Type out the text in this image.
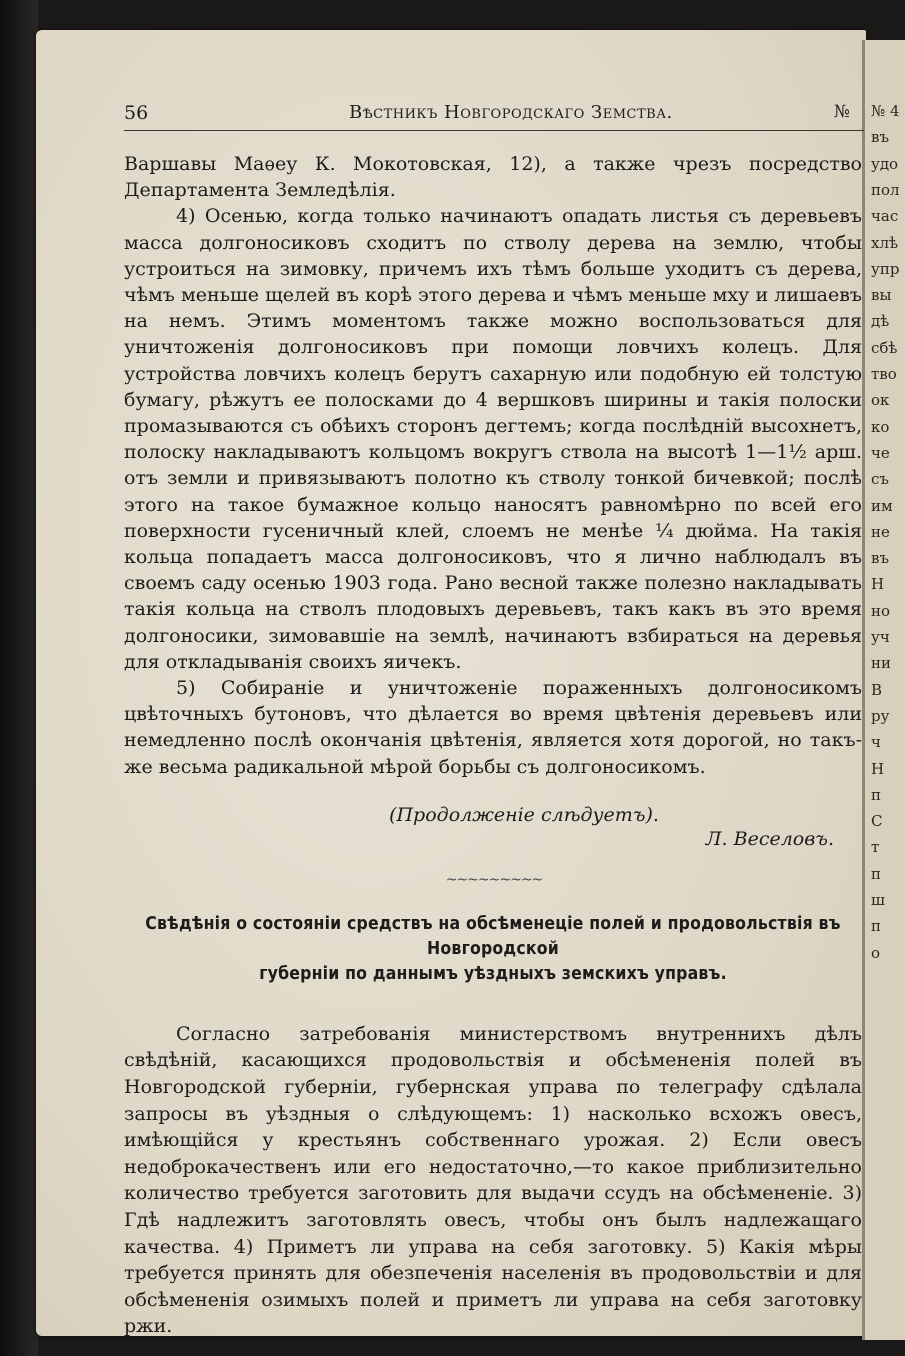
№ 4
въ
удо
пол
час
хлѣ
упр
вы
дѣ
сбѣ
тво
ок
ко
че
съ
им
не
въ
Н
но
уч
ни
В
ру
ч
Н
п
С
т
п
ш
п
о
56	Вѣстникъ Новгородскаго Земства.	№

Варшавы Маѳеу К. Мокотовская, 12), а также чрезъ посредство Департамента Земледѣлія.

4) Осенью, когда только начинаютъ опадать листья съ деревьевъ масса долгоносиковъ сходитъ по стволу дерева на землю, чтобы устроиться на зимовку, причемъ ихъ тѣмъ больше уходитъ съ дерева, чѣмъ меньше щелей въ корѣ этого дерева и чѣмъ меньше мху и лишаевъ на немъ. Этимъ моментомъ также можно воспользоваться для уничтоженія долгоносиковъ при помощи ловчихъ колецъ. Для устройства ловчихъ колецъ берутъ сахарную или подобную ей толстую бумагу, рѣжутъ ее полосками до 4 вершковъ ширины и такія полоски промазываются съ обѣихъ сторонъ дегтемъ; когда послѣдній высохнетъ, полоску накладываютъ кольцомъ вокругъ ствола на высотѣ 1—1½ арш. отъ земли и привязываютъ полотно къ стволу тонкой бичевкой; послѣ этого на такое бумажное кольцо наносятъ равномѣрно по всей его поверхности гусеничный клей, слоемъ не менѣе ¼ дюйма. На такія кольца попадаетъ масса долгоносиковъ, что я лично наблюдалъ въ своемъ саду осенью 1903 года. Рано весной также полезно накладывать такія кольца на стволъ плодовыхъ деревьевъ, такъ какъ въ это время долгоносики, зимовавшіе на землѣ, начинаютъ взбираться на деревья для откладыванія своихъ яичекъ.

5) Собираніе и уничтоженіе пораженныхъ долгоносикомъ цвѣточныхъ бутоновъ, что дѣлается во время цвѣтенія деревьевъ или немедленно послѣ окончанія цвѣтенія, является хотя дорогой, но такъ-же весьма радикальной мѣрой борьбы съ долгоносикомъ.

(Продолженіе слѣдуетъ).
Л. Веселовъ.
~~~~~~~~~
Свѣдѣнія о состояніи средствъ на обсѣменеціе полей и продовольствія въ Новгородской
губерніи по даннымъ уѣздныхъ земскихъ управъ.

Согласно затребованія министерствомъ внутреннихъ дѣлъ свѣдѣній, касающихся продовольствія и обсѣмененія полей въ Новгородской губерніи, губернская управа по телеграфу сдѣлала запросы въ уѣздныя о слѣдующемъ: 1) насколько всхожъ овесъ, имѣющійся у крестьянъ собственнаго урожая. 2) Если овесъ недоброкачественъ или его недостаточно,—то какое приблизительно количество требуется заготовить для выдачи ссудъ на обсѣмененіе. 3) Гдѣ надлежитъ заготовлять овесъ, чтобы онъ былъ надлежащаго качества. 4) Приметъ ли управа на себя заготовку. 5) Какія мѣры требуется принять для обезпеченія населенія въ продовольствіи и для обсѣмененія озимыхъ полей и приметъ ли управа на себя заготовку ржи.
